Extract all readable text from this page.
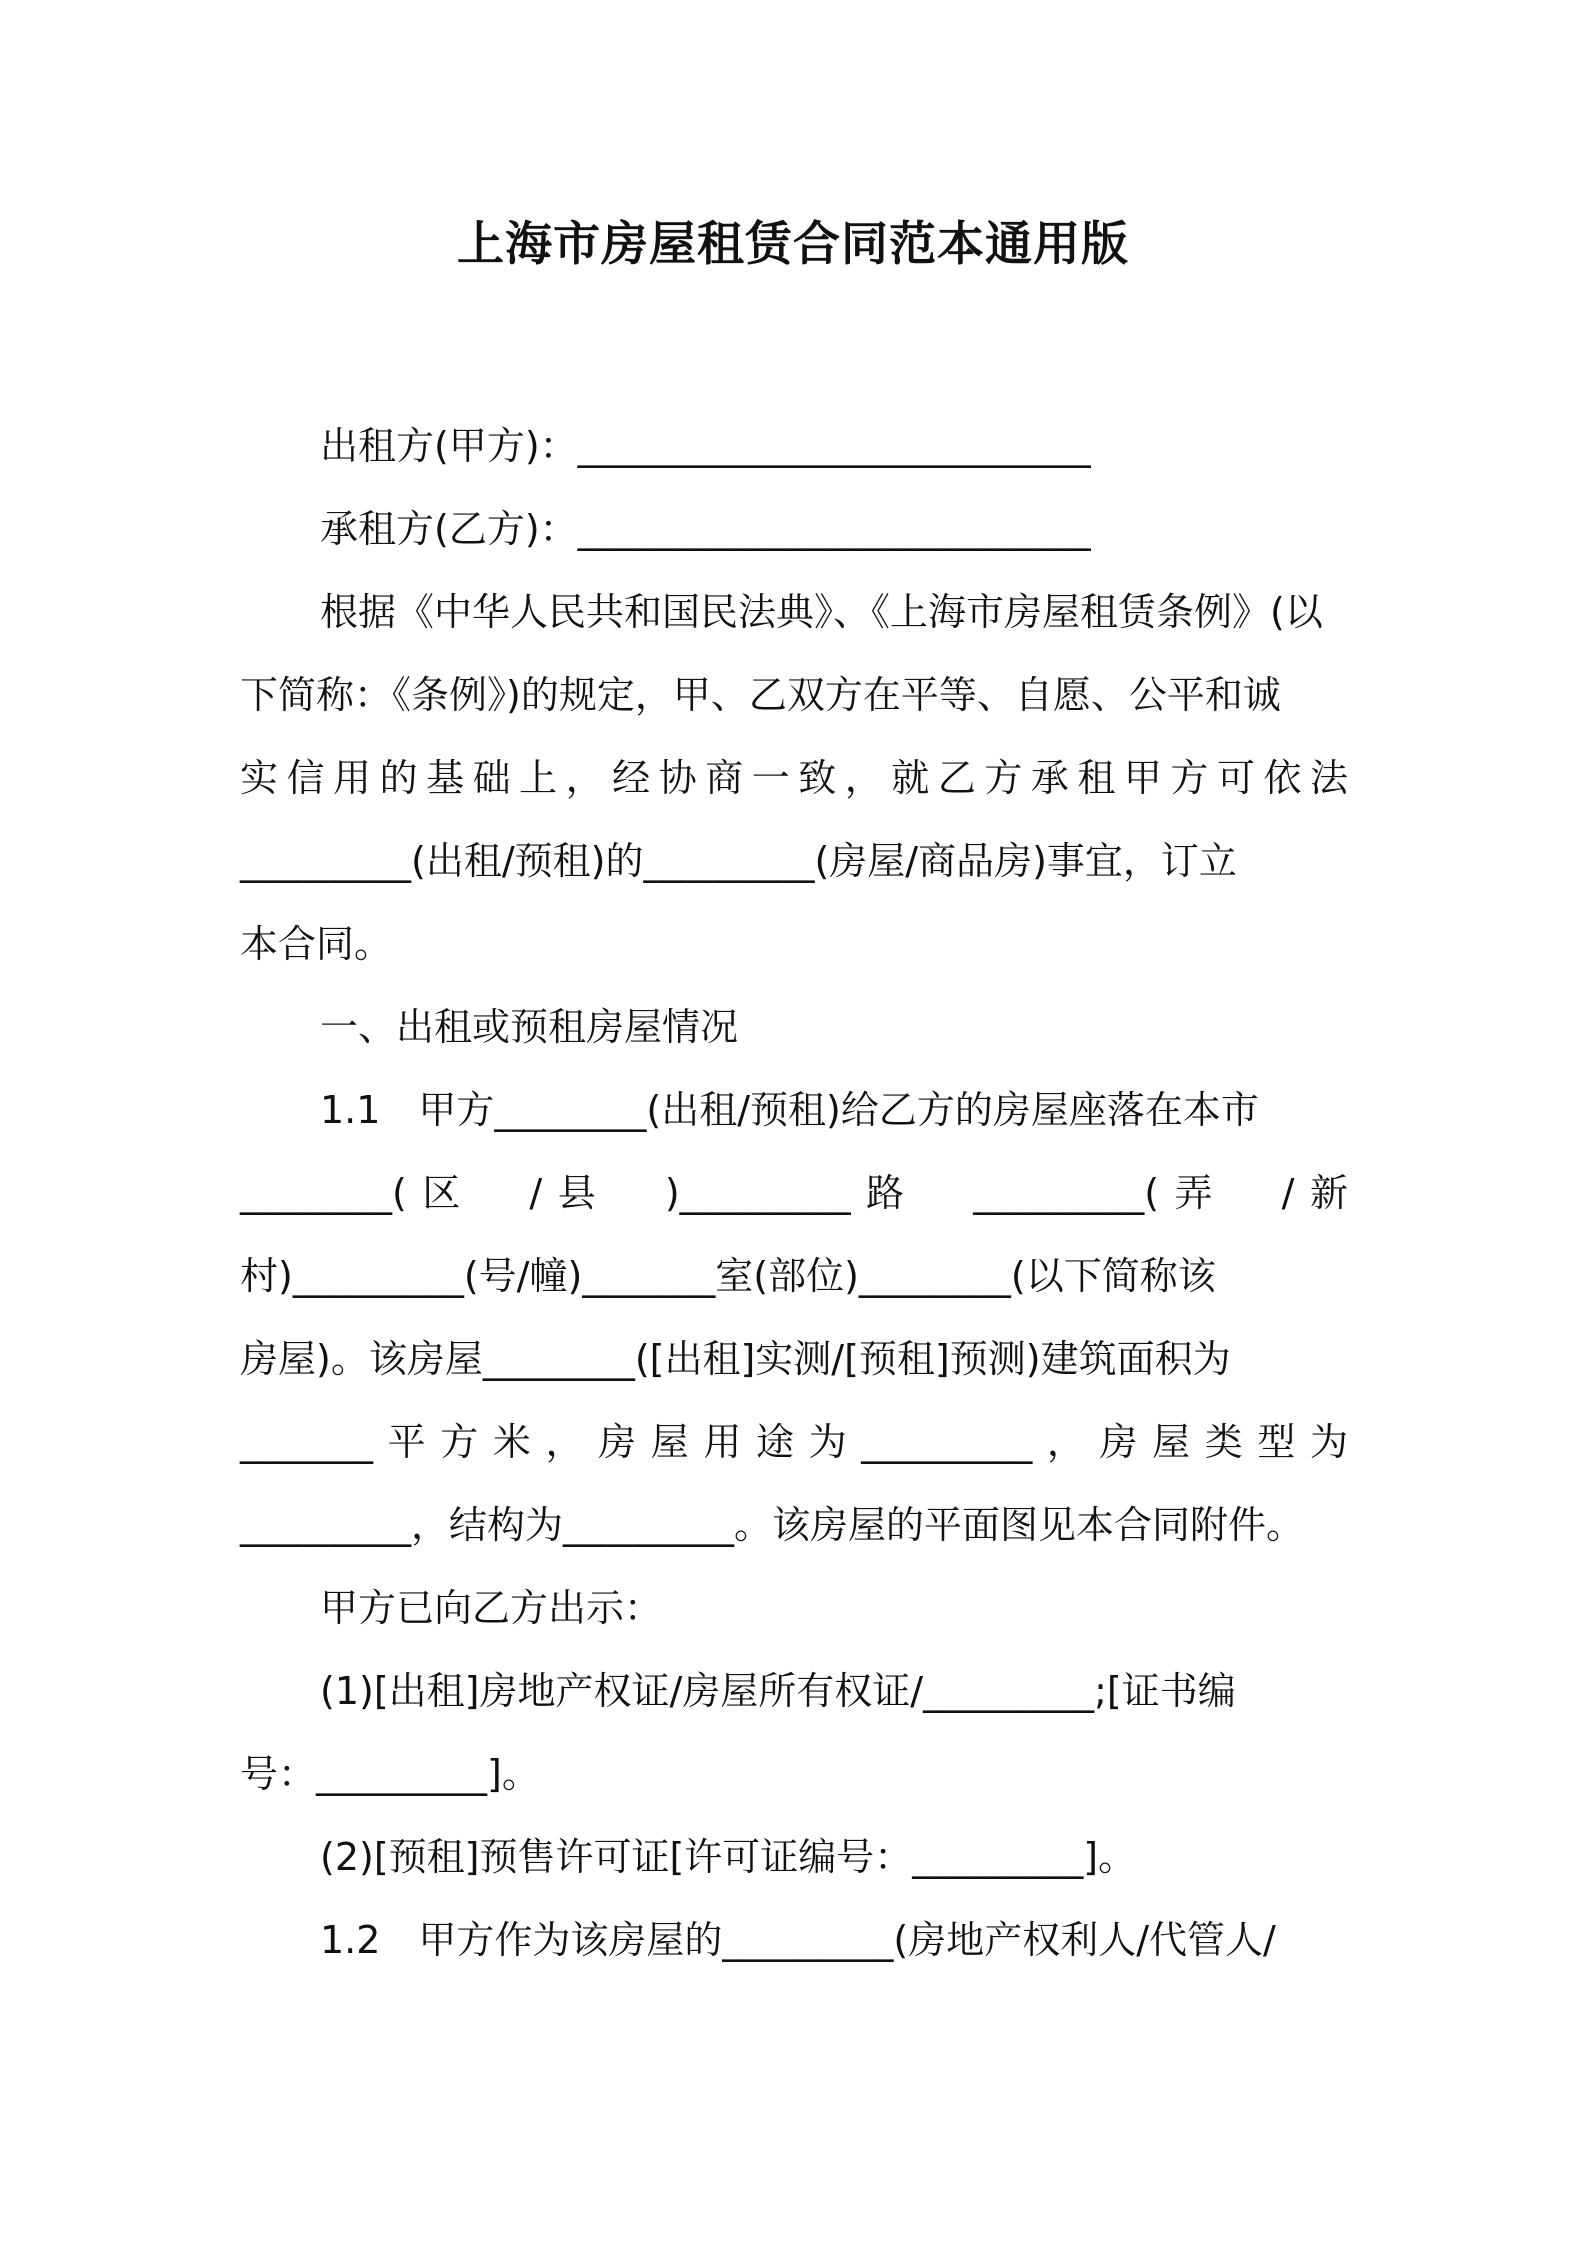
上海市房屋租赁合同范本通用版

出租方(甲方)：___________________________

承租方(乙方)：___________________________

根据《中华人民共和国民法典》、《上海市房屋租赁条例》(以

下简称：《条例》)的规定，甲、乙双方在平等、自愿、公平和诚

实信用的基础上，经协商一致，就乙方承租甲方可依法

_________(出租/预租)的_________(房屋/商品房)事宜，订立

本合同。

一、出租或预租房屋情况

1.1　甲方________(出租/预租)给乙方的房屋座落在本市

________(区　/县　)_________路　_________(弄　/新

村)_________(号/幢)_______室(部位)________(以下简称该

房屋)。该房屋________([出租]实测/[预租]预测)建筑面积为

_______平方米，房屋用途为_________，房屋类型为

_________，结构为_________。该房屋的平面图见本合同附件。

甲方已向乙方出示：

(1)[出租]房地产权证/房屋所有权证/_________;[证书编

号：_________]。

(2)[预租]预售许可证[许可证编号：_________]。

1.2　甲方作为该房屋的_________(房地产权利人/代管人/
